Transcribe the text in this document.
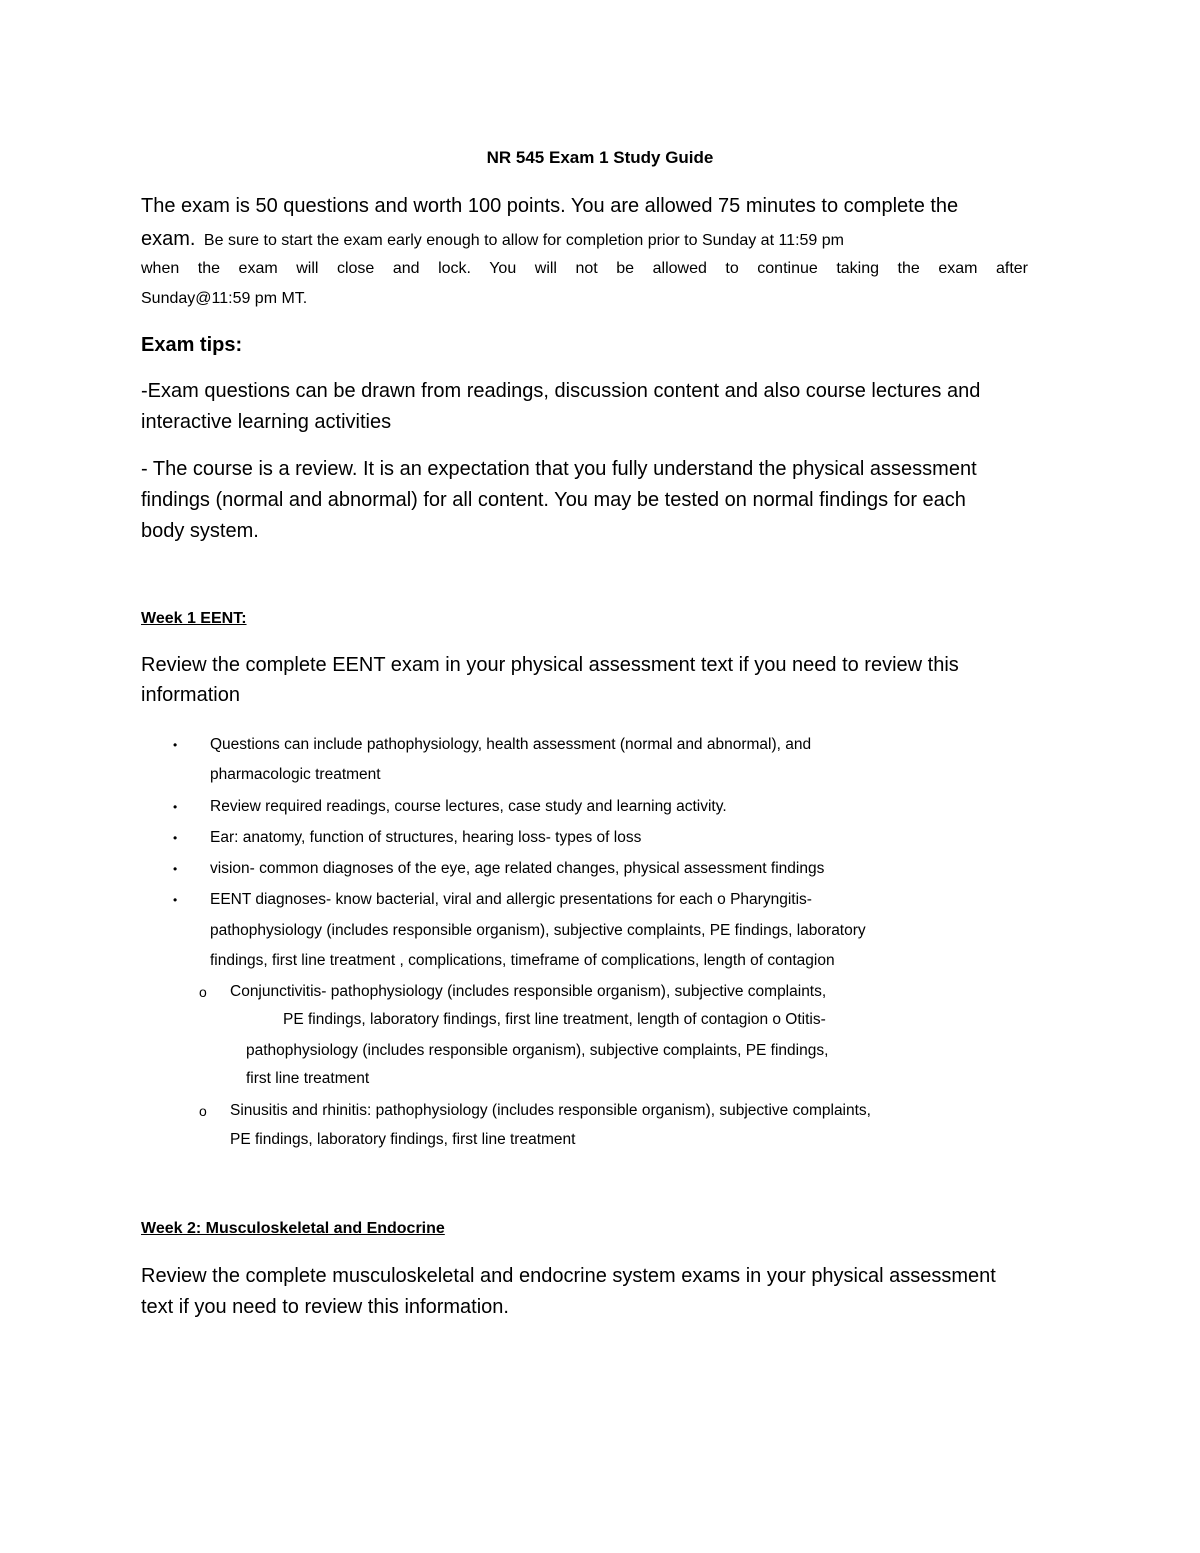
NR 545 Exam 1 Study Guide

The exam is 50 questions and worth 100 points. You are allowed 75 minutes to complete the

exam. Be sure to start the exam early enough to allow for completion prior to Sunday at 11:59 pm

when the exam will close and lock. You will not be allowed to continue taking the exam after

Sunday@11:59 pm MT.

Exam tips:

-Exam questions can be drawn from readings, discussion content and also course lectures and

interactive learning activities

- The course is a review. It is an expectation that you fully understand the physical assessment

findings (normal and abnormal) for all content. You may be tested on normal findings for each

body system.

Week 1 EENT:

Review the complete EENT exam in your physical assessment text if you need to review this

information

• Questions can include pathophysiology, health assessment (normal and abnormal), and

pharmacologic treatment

• Review required readings, course lectures, case study and learning activity.

• Ear: anatomy, function of structures, hearing loss- types of loss

• vision- common diagnoses of the eye, age related changes, physical assessment findings

• EENT diagnoses- know bacterial, viral and allergic presentations for each o Pharyngitis-

pathophysiology (includes responsible organism), subjective complaints, PE findings, laboratory

findings, first line treatment , complications, timeframe of complications, length of contagion

o Conjunctivitis- pathophysiology (includes responsible organism), subjective complaints,

PE findings, laboratory findings, first line treatment, length of contagion o Otitis-

pathophysiology (includes responsible organism), subjective complaints, PE findings,

first line treatment

o Sinusitis and rhinitis: pathophysiology (includes responsible organism), subjective complaints,

PE findings, laboratory findings, first line treatment

Week 2: Musculoskeletal and Endocrine

Review the complete musculoskeletal and endocrine system exams in your physical assessment

text if you need to review this information.
